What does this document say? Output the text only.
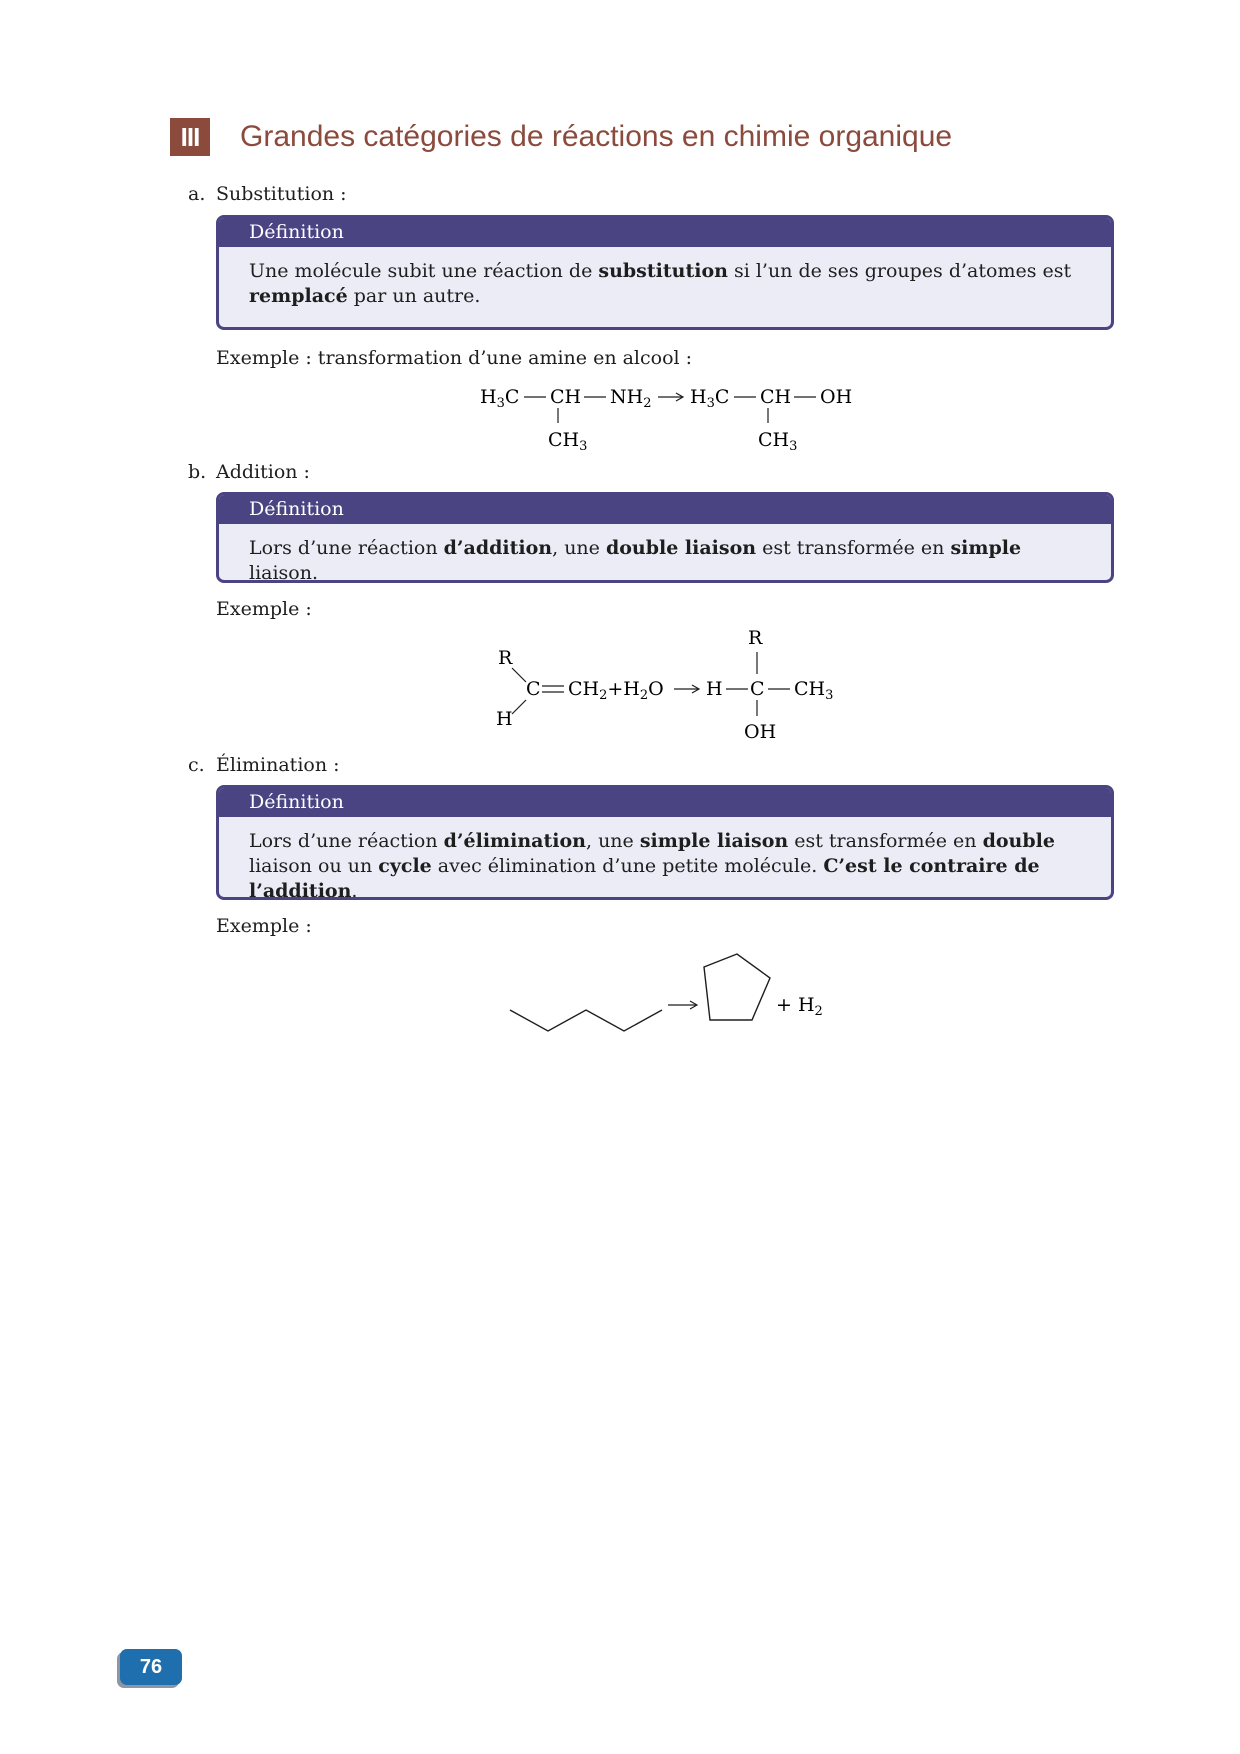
III	Grandes catégories de réactions en chimie organique
a. Substitution :
Définition
Une molécule subit une réaction de substitution si l’un de ses groupes d’atomes est remplacé par un autre.
Exemple : transformation d’une amine en alcool :
$H_3C$ CH $NH_2$
$CH_3$
$H_3C$ CH OH
$CH_3$
b. Addition :
Définition
Lors d’une réaction d’addition, une double liaison est transformée en simple liaison.
Exemple :
R
C
H
$CH_2+H_2O$ H
R
C $CH_3$
OH
c. Élimination :
Définition
Lors d’une réaction d’élimination, une simple liaison est transformée en double liaison ou un cycle avec élimination d’une petite molécule. C’est le contraire de l’addition.
Exemple :
+ $H_2$
76
